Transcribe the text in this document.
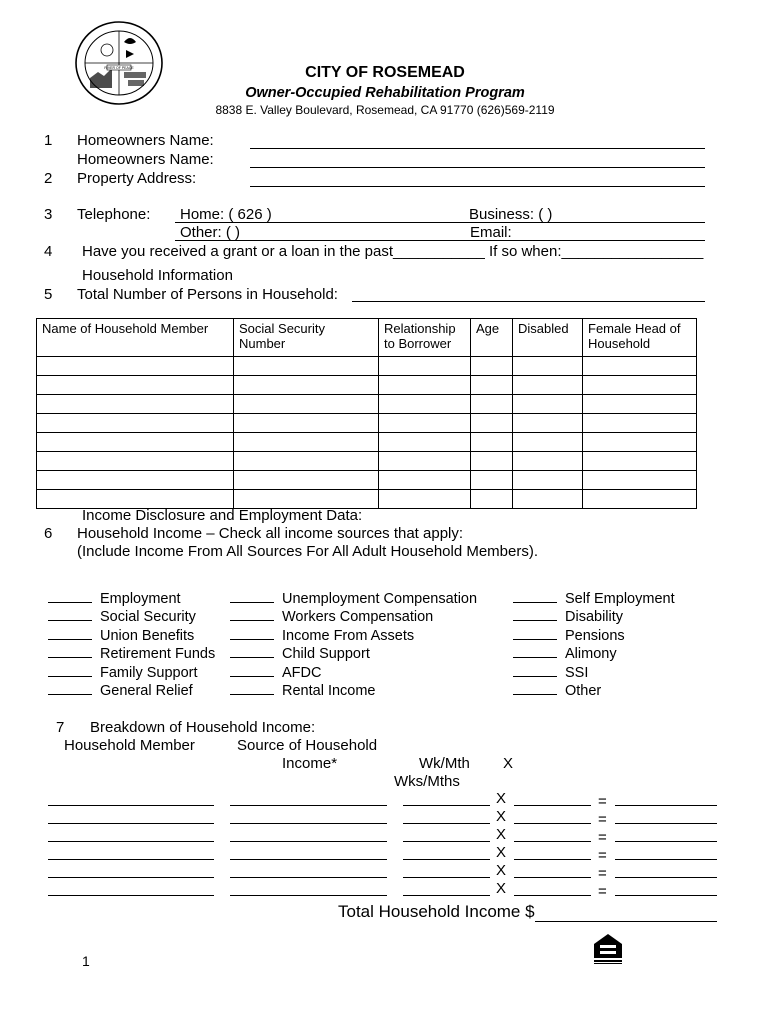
RIVER OF PEACE	CITY OF ROSEMEAD
Owner-Occupied Rehabilitation Program
8838 E. Valley Boulevard, Rosemead, CA 91770 (626)569-2119
1 Homeowners Name:
Homeowners Name:
2 Property Address:
3 Telephone: Home: ( 626 )	Business: ( )
Other: ( )	Email:
4 Have you received a grant or a loan in the past___________ If so when:_________________
Household Information
5 Total Number of Persons in Household:
Name of Household Member	Social Security Number	Relationship to Borrower	Age	Disabled	Female Head of Household

Income Disclosure and Employment Data:
6 Household Income – Check all income sources that apply:
(Include Income From All Sources For All Adult Household Members).
Employment
Social Security
Union Benefits
Retirement Funds
Family Support
General Relief
Unemployment Compensation
Workers Compensation
Income From Assets
Child Support
AFDC
Rental Income
Self Employment
Disability
Pensions
Alimony
SSI
Other
7 Breakdown of Household Income:
Household Member	Source of Household
Income*	Wk/Mth X
Wks/Mths
X	=
X	=
X	=
X	=
X	=
X	=
Total Household Income $
1
